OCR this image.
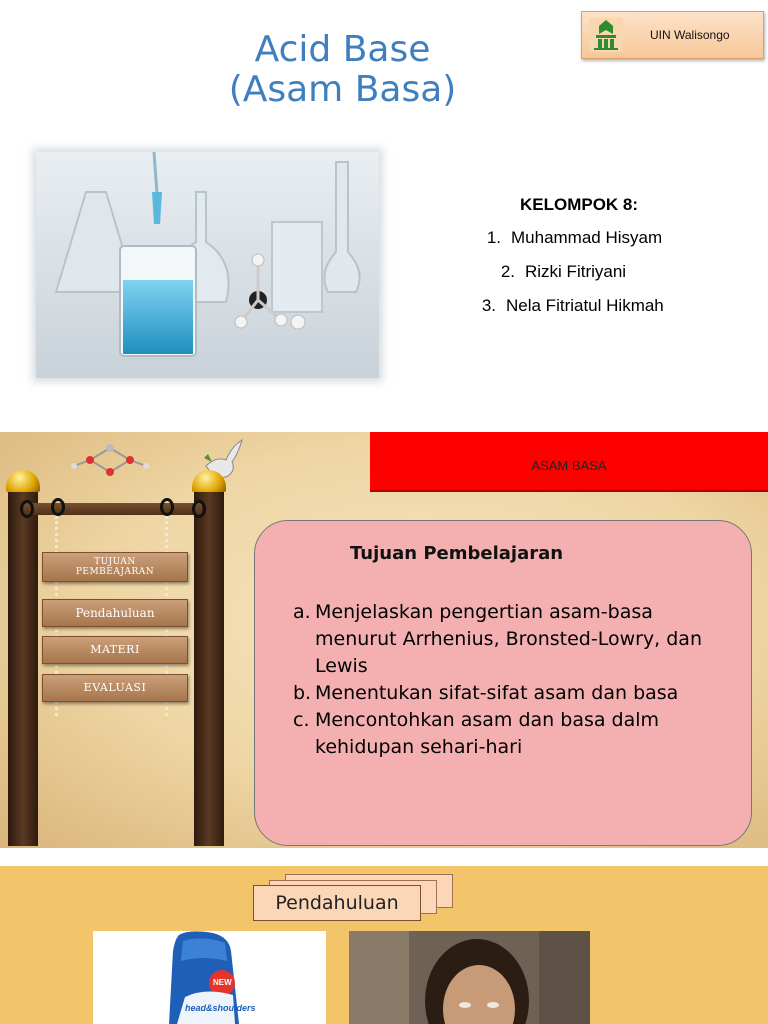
Acid Base
(Asam Basa)
UIN Walisongo
KELOMPOK 8:
1. Muhammad Hisyam
2. Rizki Fitriyani
3. Nela Fitriatul Hikmah
ASAM BASA
TUJUAN
PEMBEAJARAN
Pendahuluan
MATERI
EVALUASI
Tujuan Pembelajaran
a. Menjelaskan pengertian asam-basa menurut Arrhenius, Bronsted-Lowry, dan Lewis
b. Menentukan sifat-sifat asam dan basa
c. Mencontohkan asam dan basa dalm kehidupan sehari-hari
Pendahuluan
NEW
head&shoulders
